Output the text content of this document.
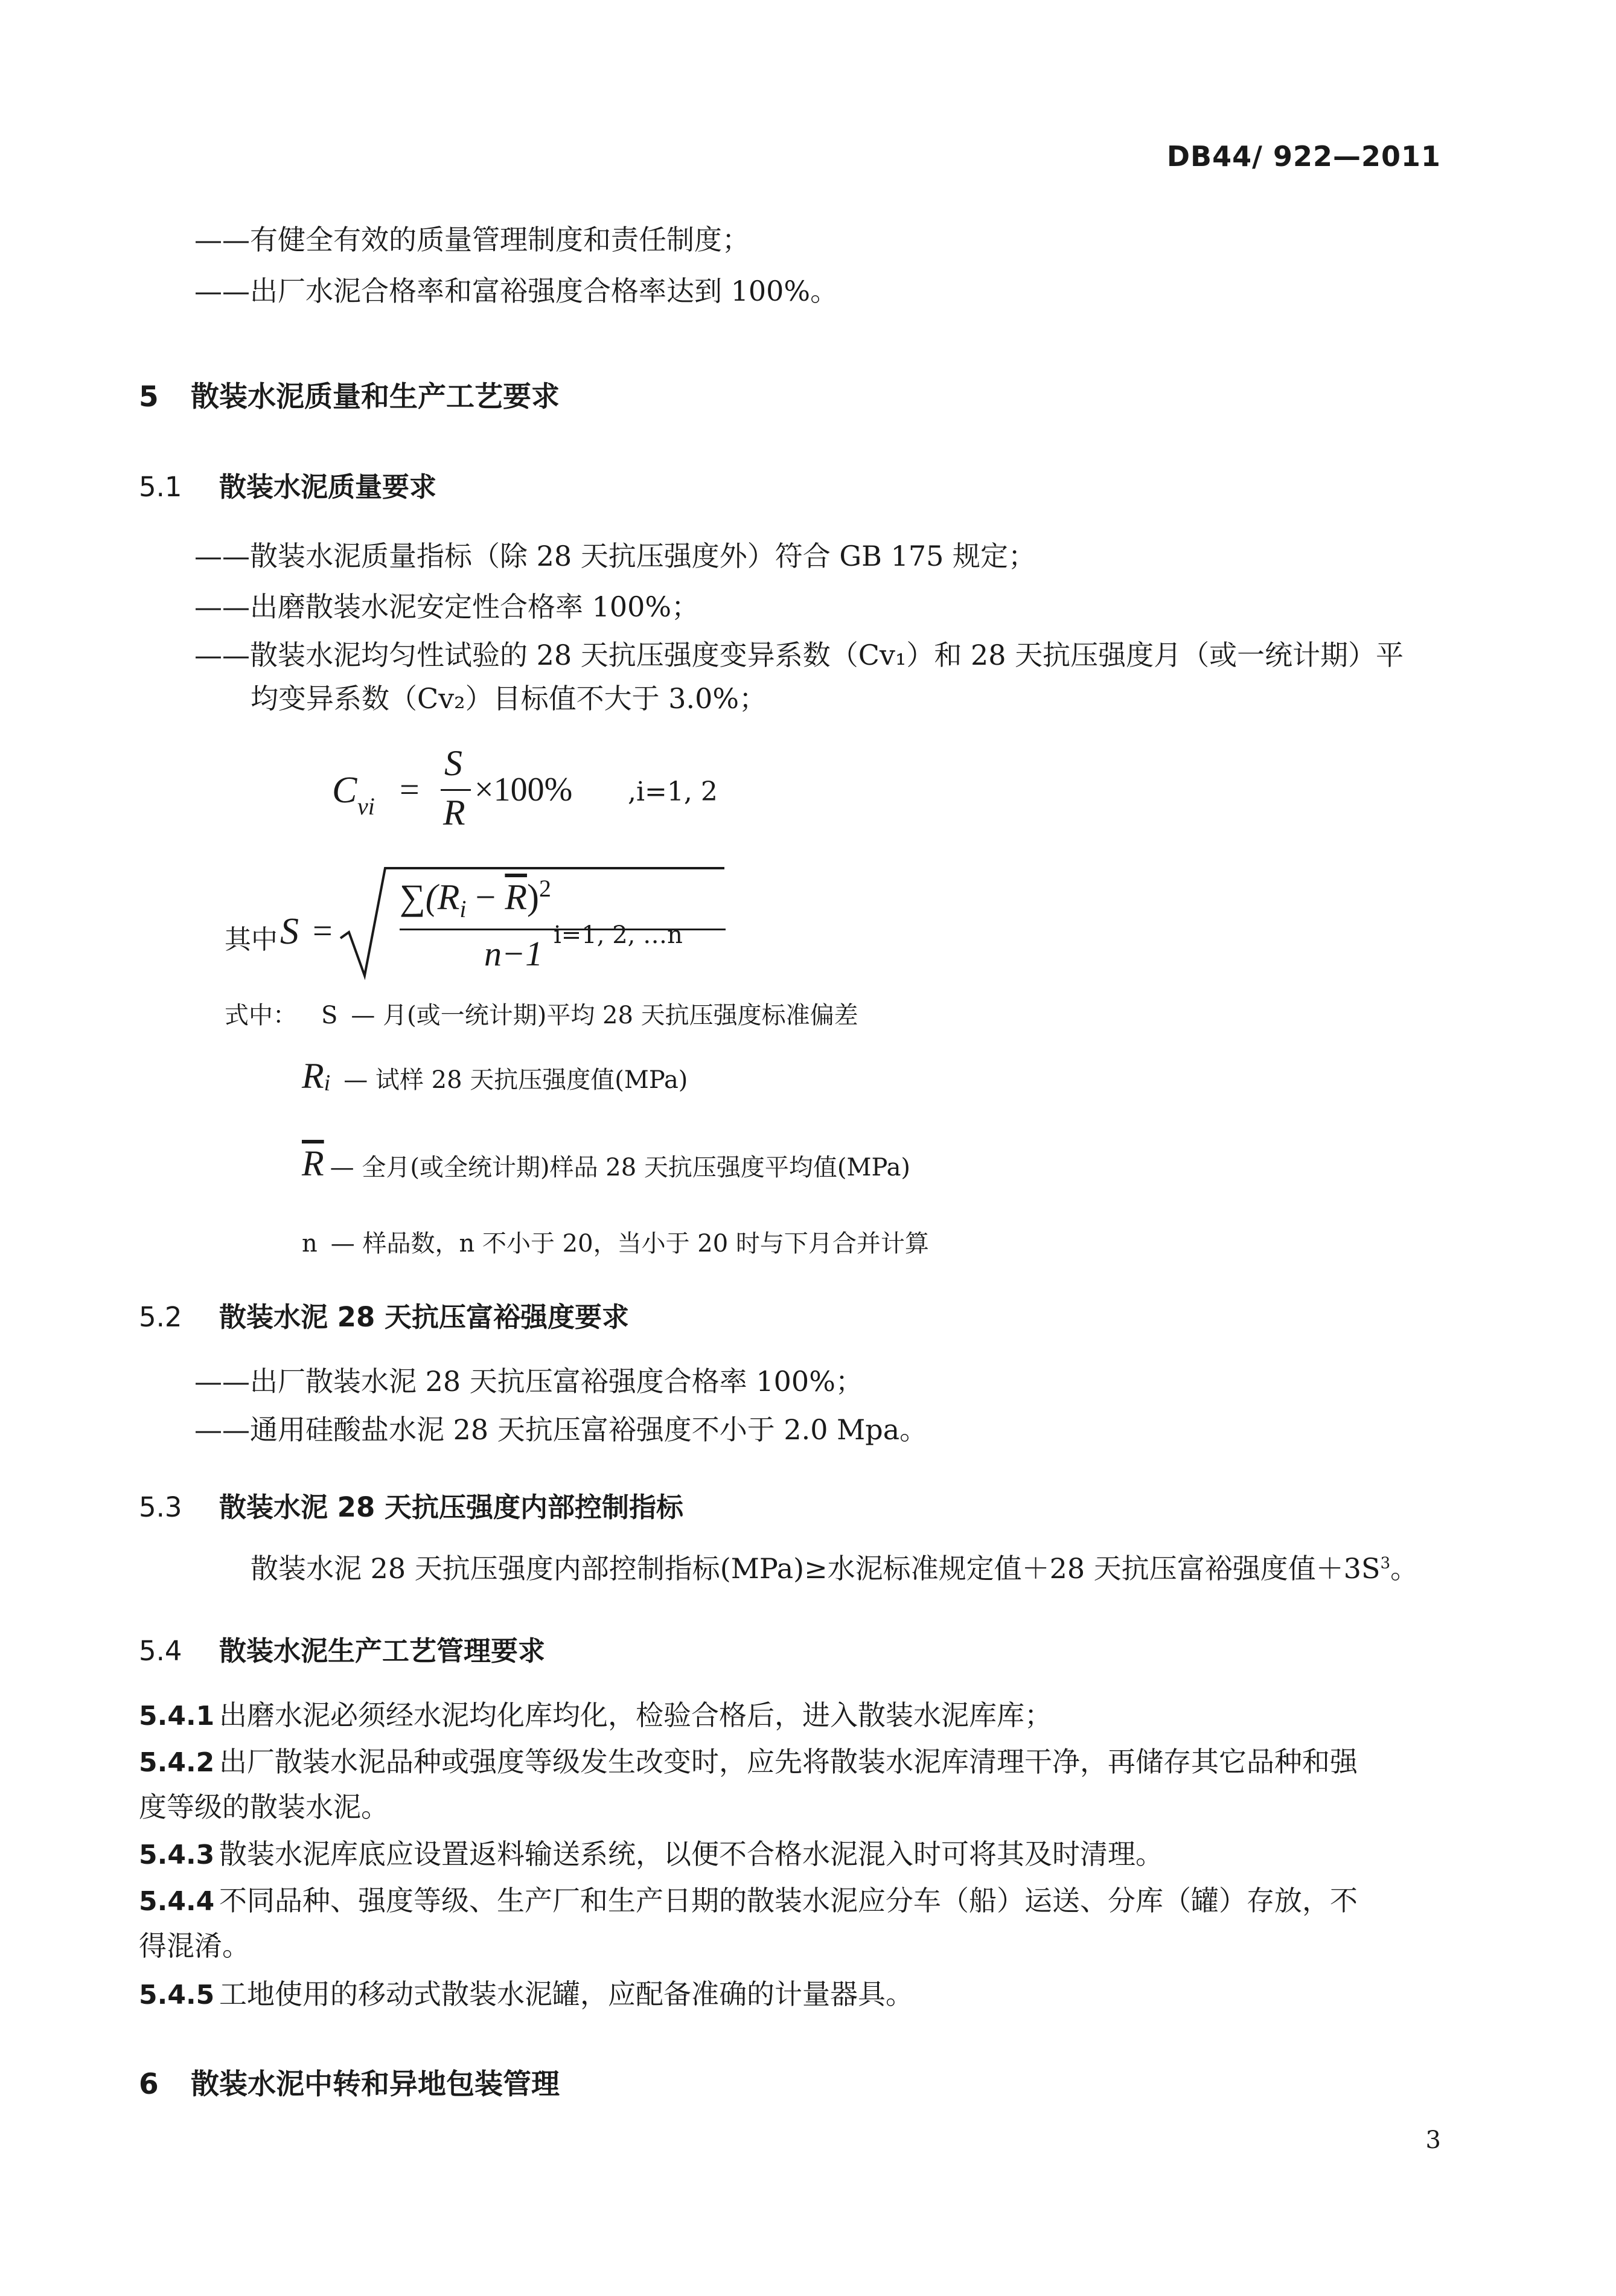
DB44/ 922—2011
——有健全有效的质量管理制度和责任制度；
——出厂水泥合格率和富裕强度合格率达到 100%。
5 散装水泥质量和生产工艺要求
5.1 散装水泥质量要求
——散装水泥质量指标（除 28 天抗压强度外）符合 GB 175 规定；
——出磨散装水泥安定性合格率 100%；
——散装水泥均匀性试验的 28 天抗压强度变异系数（Cv₁）和 28 天抗压强度月（或一统计期）平
均变异系数（Cv₂）目标值不大于 3.0%；
C vi =
S
R
×100% ,i=1, 2
其中 S =
$\sum(R_i - \overline{R})^2$
n−1 i=1, 2, …n
式中： S — 月(或一统计期)平均 28 天抗压强度标准偏差
$R_i$ — 试样 28 天抗压强度值(MPa)
$\overline{R}$ — 全月(或全统计期)样品 28 天抗压强度平均值(MPa)
n — 样品数，n 不小于 20，当小于 20 时与下月合并计算
5.2 散装水泥 28 天抗压富裕强度要求
——出厂散装水泥 28 天抗压富裕强度合格率 100%；
——通用硅酸盐水泥 28 天抗压富裕强度不小于 2.0 Mpa。
5.3 散装水泥 28 天抗压强度内部控制指标
散装水泥 28 天抗压强度内部控制指标(MPa)≥水泥标准规定值＋28 天抗压富裕强度值$+3S^3$。
5.4 散装水泥生产工艺管理要求
5.4.1 出磨水泥必须经水泥均化库均化，检验合格后，进入散装水泥库库；
5.4.2 出厂散装水泥品种或强度等级发生改变时，应先将散装水泥库清理干净，再储存其它品种和强
度等级的散装水泥。
5.4.3 散装水泥库底应设置返料输送系统，以便不合格水泥混入时可将其及时清理。
5.4.4 不同品种、强度等级、生产厂和生产日期的散装水泥应分车（船）运送、分库（罐）存放，不
得混淆。
5.4.5 工地使用的移动式散装水泥罐，应配备准确的计量器具。
6 散装水泥中转和异地包装管理
3
